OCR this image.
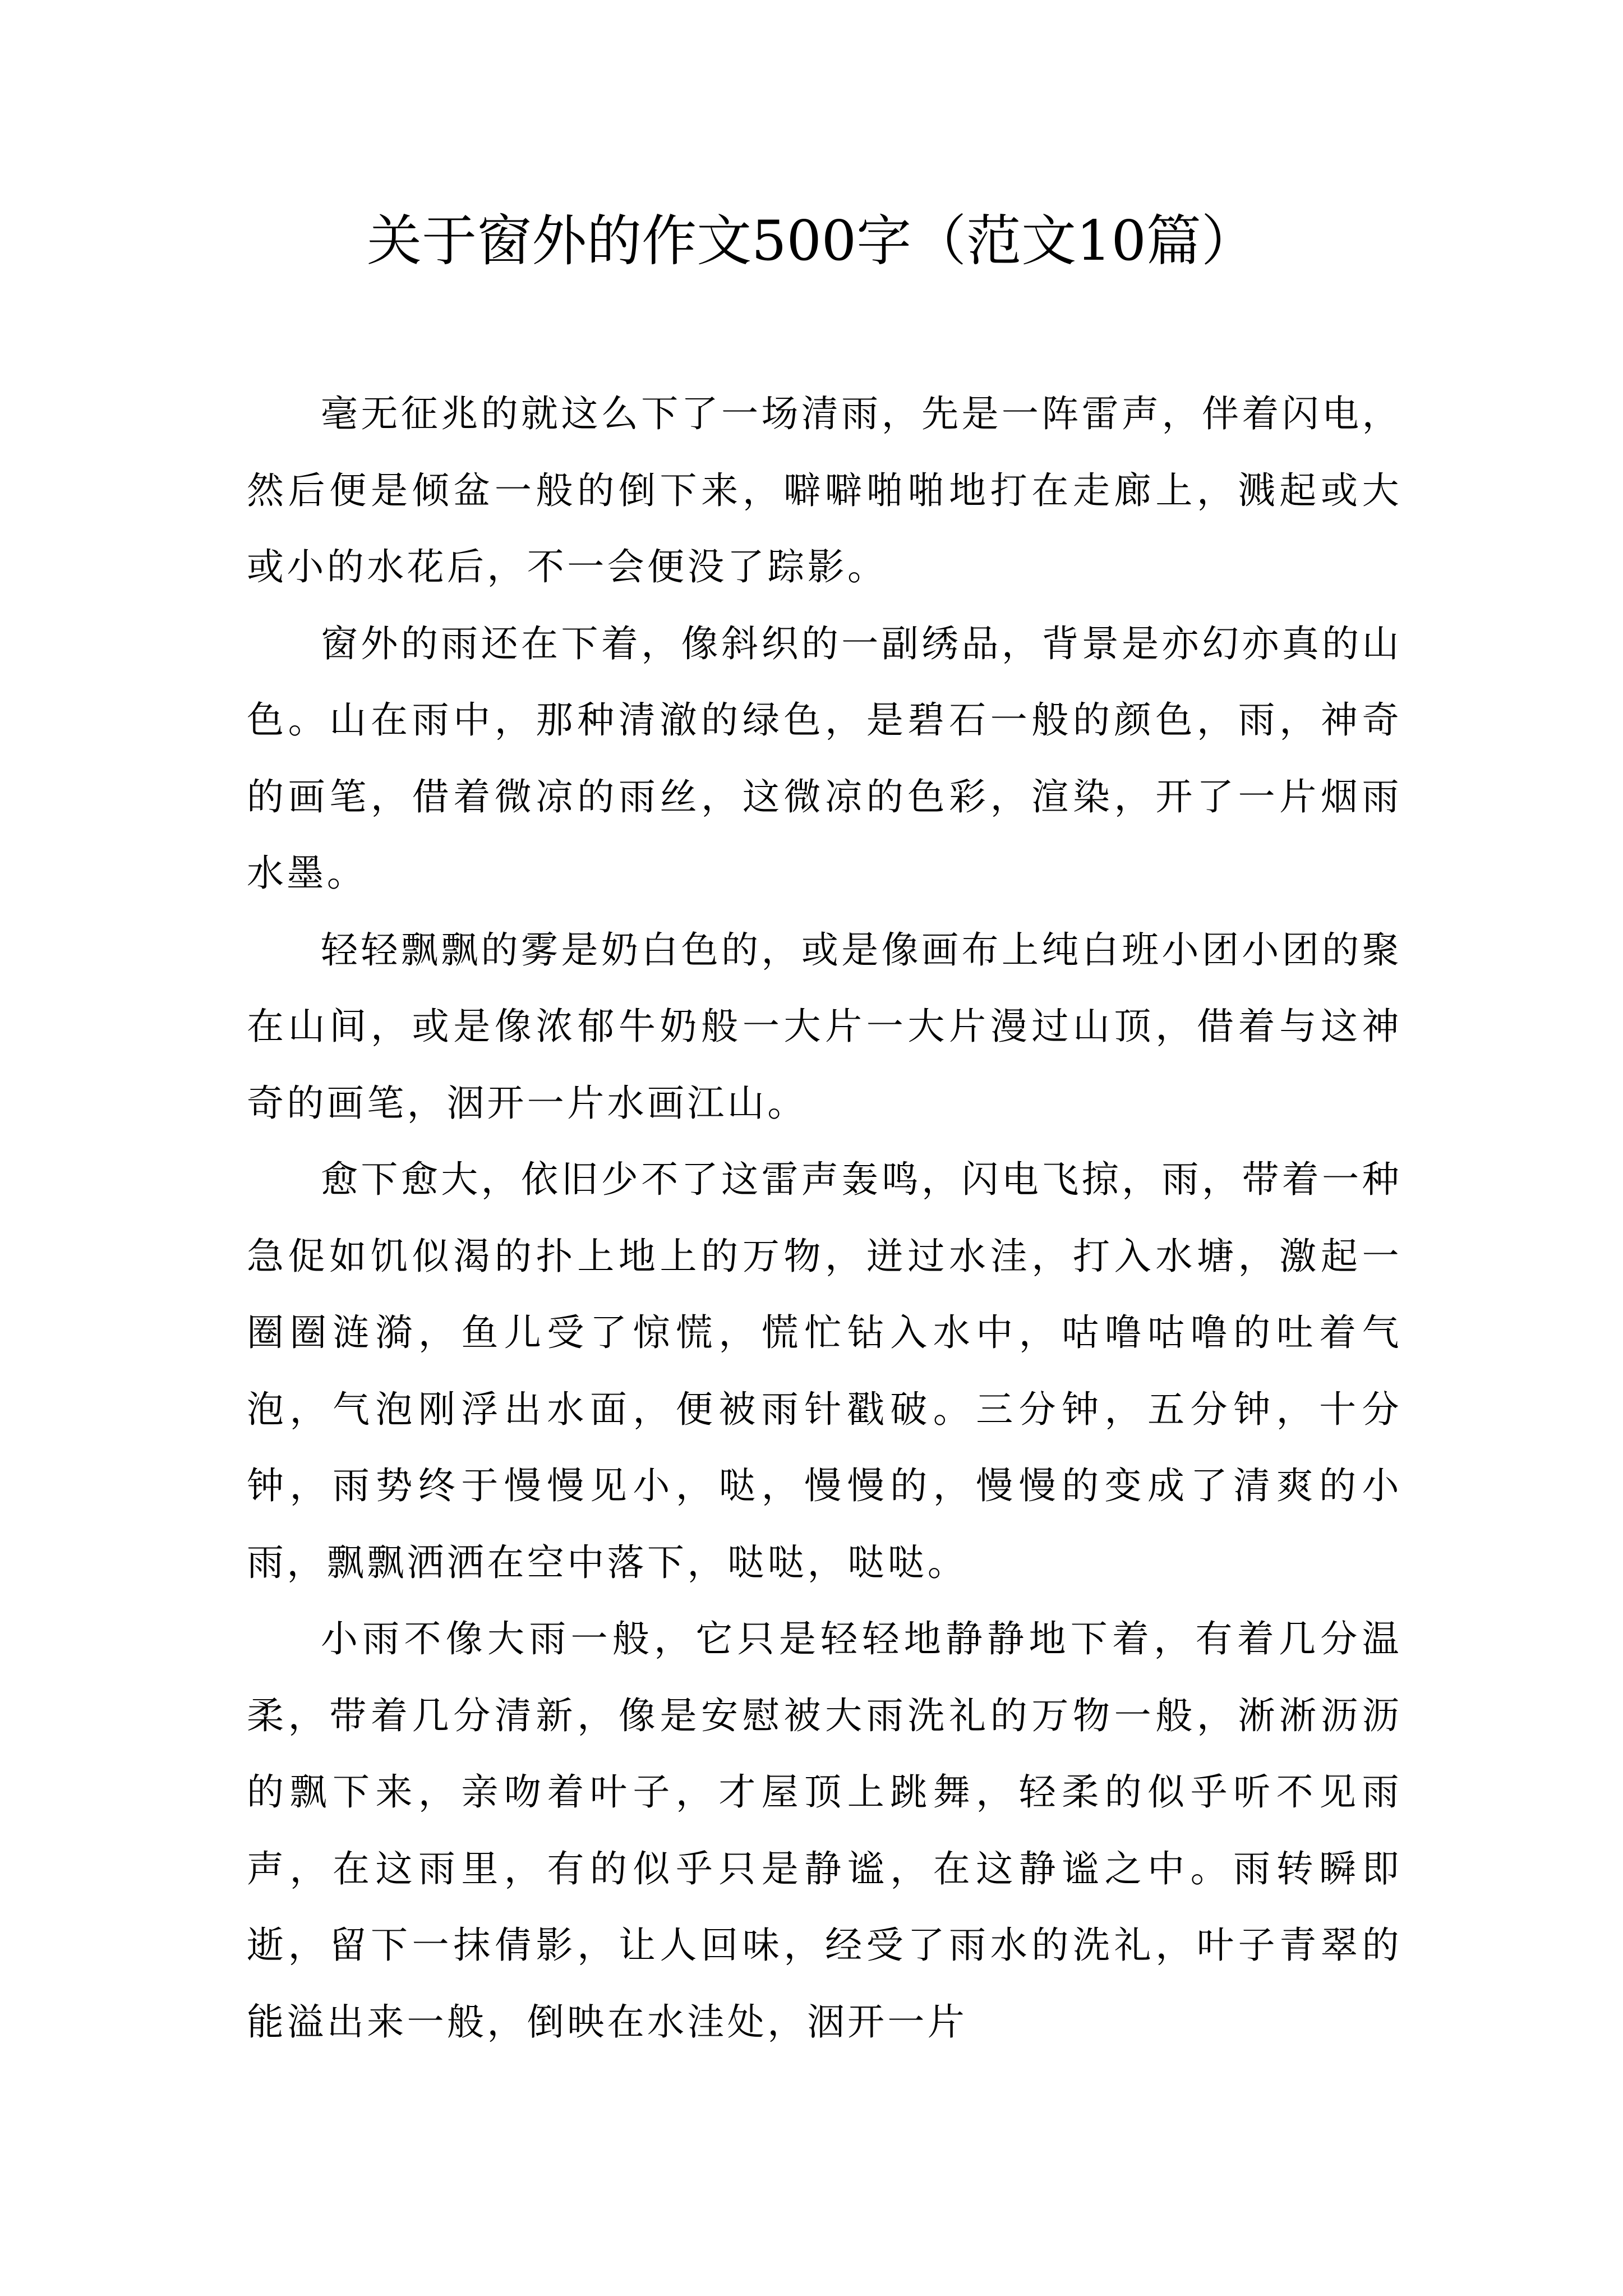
关于窗外的作文500字（范文10篇）

毫无征兆的就这么下了一场清雨，先是一阵雷声，伴着闪电，然后便是倾盆一般的倒下来，噼噼啪啪地打在走廊上，溅起或大或小的水花后，不一会便没了踪影。

窗外的雨还在下着，像斜织的一副绣品，背景是亦幻亦真的山色。山在雨中，那种清澈的绿色，是碧石一般的颜色，雨，神奇的画笔，借着微凉的雨丝，这微凉的色彩，渲染，开了一片烟雨水墨。

轻轻飘飘的雾是奶白色的，或是像画布上纯白班小团小团的聚在山间，或是像浓郁牛奶般一大片一大片漫过山顶，借着与这神奇的画笔，洇开一片水画江山。

愈下愈大，依旧少不了这雷声轰鸣，闪电飞掠，雨，带着一种急促如饥似渴的扑上地上的万物，迸过水洼，打入水塘，激起一圈圈涟漪，鱼儿受了惊慌，慌忙钻入水中，咕噜咕噜的吐着气泡，气泡刚浮出水面，便被雨针戳破。三分钟，五分钟，十分钟，雨势终于慢慢见小，哒，慢慢的，慢慢的变成了清爽的小雨，飘飘洒洒在空中落下，哒哒，哒哒。

小雨不像大雨一般，它只是轻轻地静静地下着，有着几分温柔，带着几分清新，像是安慰被大雨洗礼的万物一般，淅淅沥沥的飘下来，亲吻着叶子，才屋顶上跳舞，轻柔的似乎听不见雨声，在这雨里，有的似乎只是静谧，在这静谧之中。雨转瞬即逝，留下一抹倩影，让人回味，经受了雨水的洗礼，叶子青翠的能溢出来一般，倒映在水洼处，洇开一片
